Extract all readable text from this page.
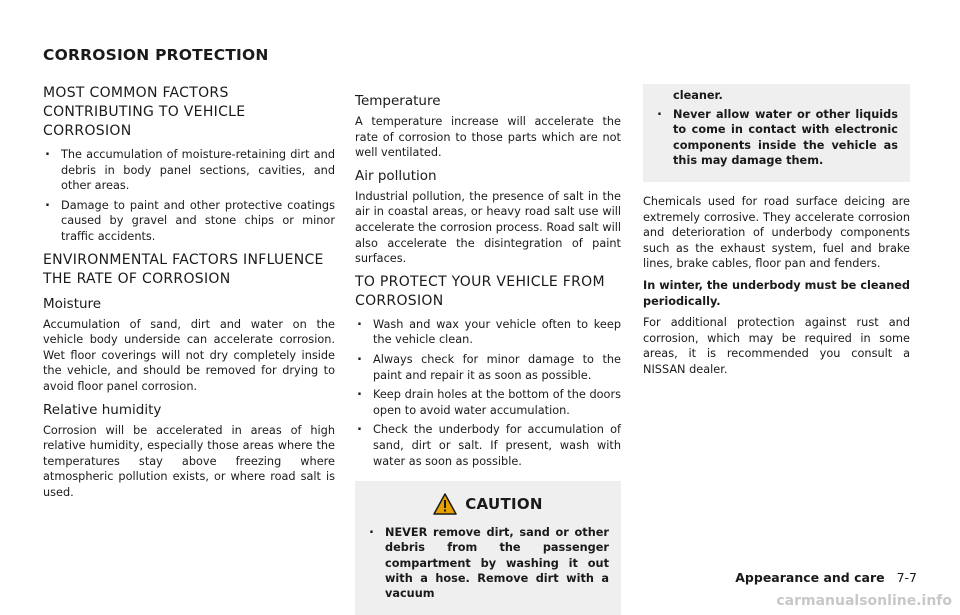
CORROSION PROTECTION
MOST COMMON FACTORS CONTRIBUTING TO VEHICLE CORROSION
. The accumulation of moisture-retaining dirt and debris in body panel sections, cavities, and other areas.
. Damage to paint and other protective coatings caused by gravel and stone chips or minor traffic accidents.
ENVIRONMENTAL FACTORS INFLUENCE THE RATE OF CORROSION
Moisture

Accumulation of sand, dirt and water on the vehicle body underside can accelerate corrosion. Wet floor coverings will not dry completely inside the vehicle, and should be removed for drying to avoid floor panel corrosion.

Relative humidity

Corrosion will be accelerated in areas of high relative humidity, especially those areas where the temperatures stay above freezing where atmospheric pollution exists, or where road salt is used.

Temperature

A temperature increase will accelerate the rate of corrosion to those parts which are not well ventilated.

Air pollution

Industrial pollution, the presence of salt in the air in coastal areas, or heavy road salt use will accelerate the corrosion process. Road salt will also accelerate the disintegration of paint surfaces.

TO PROTECT YOUR VEHICLE FROM CORROSION
. Wash and wax your vehicle often to keep the vehicle clean.
. Always check for minor damage to the paint and repair it as soon as possible.
. Keep drain holes at the bottom of the doors open to avoid water accumulation.
. Check the underbody for accumulation of sand, dirt or salt. If present, wash with water as soon as possible.
CAUTION
. NEVER remove dirt, sand or other debris from the passenger compartment by washing it out with a hose. Remove dirt with a vacuum

cleaner.

. Never allow water or other liquids to come in contact with electronic components inside the vehicle as this may damage them.

Chemicals used for road surface deicing are extremely corrosive. They accelerate corrosion and deterioration of underbody components such as the exhaust system, fuel and brake lines, brake cables, floor pan and fenders.

In winter, the underbody must be cleaned periodically.

For additional protection against rust and corrosion, which may be required in some areas, it is recommended you consult a NISSAN dealer.

Appearance and care 7-7
carmanualsonline.info
